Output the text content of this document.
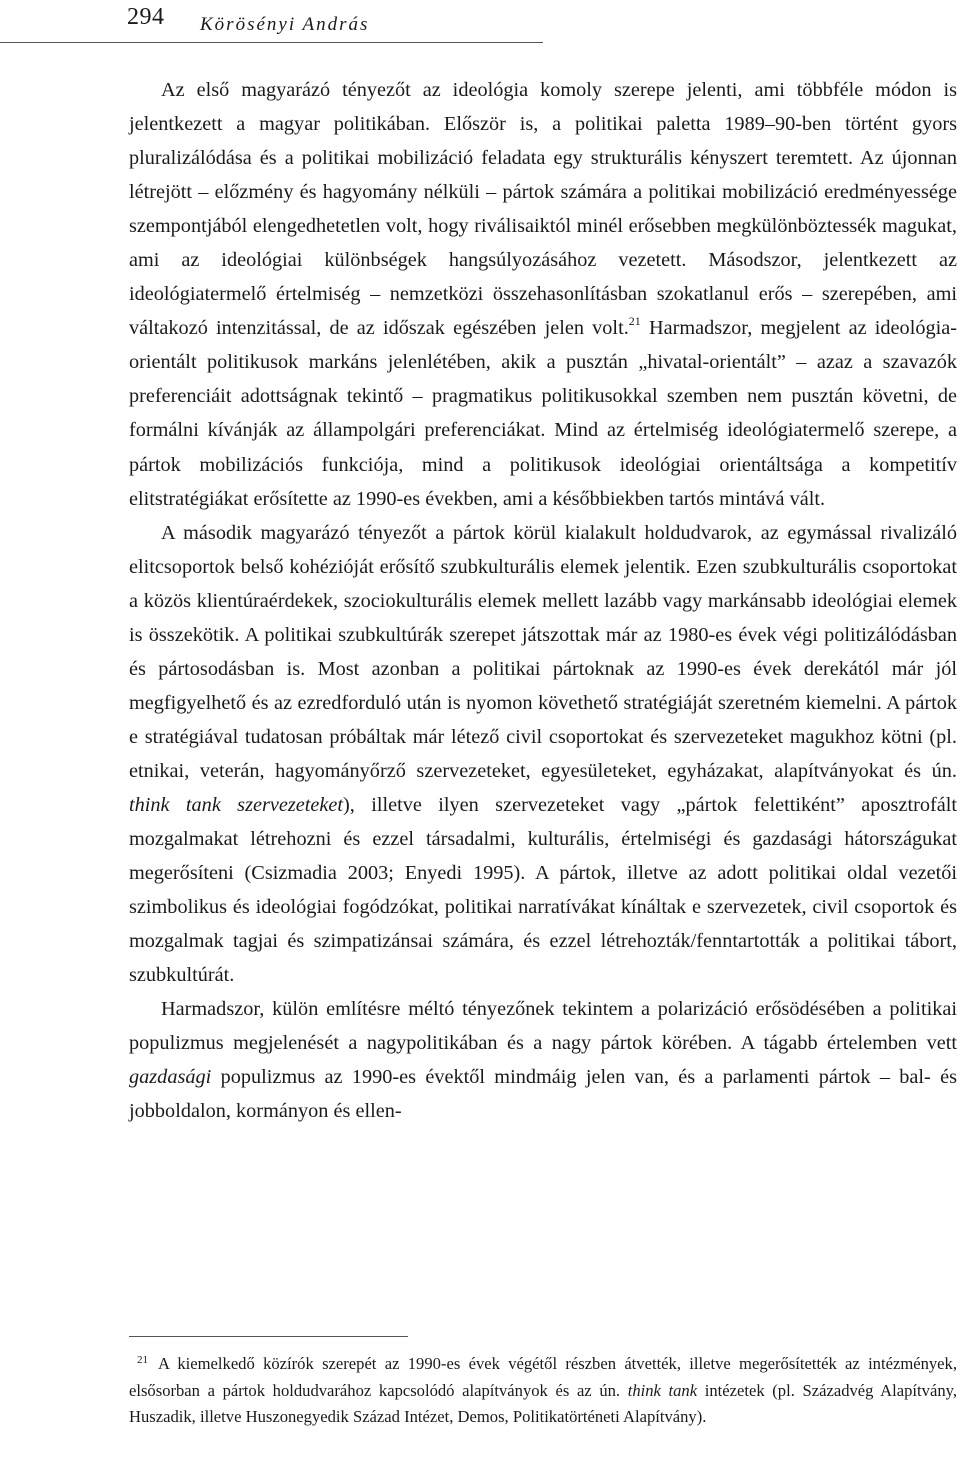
294 Körösényi András

Az első magyarázó tényezőt az ideológia komoly szerepe jelenti, ami többféle módon is jelentkezett a magyar politikában. Először is, a politikai paletta 1989–90-ben történt gyors pluralizálódása és a politikai mobilizáció feladata egy strukturális kényszert teremtett. Az újonnan létrejött – előzmény és hagyomány nélküli – pártok számára a politikai mobilizáció eredményessége szempontjából elengedhetetlen volt, hogy riválisaiktól minél erősebben megkülönböztessék magukat, ami az ideológiai különbségek hangsúlyozásához vezetett. Másodszor, jelentkezett az ideológiatermelő értelmiség – nemzetközi összehasonlításban szokatlanul erős – szerepében, ami váltakozó intenzitással, de az időszak egészében jelen volt.$^{21}$ Harmadszor, megjelent az ideológia-orientált politikusok markáns jelenlétében, akik a pusztán „hivatal-orientált” – azaz a szavazók preferenciáit adottságnak tekintő – pragmatikus politikusokkal szemben nem pusztán követni, de formálni kívánják az állampolgári preferenciákat. Mind az értelmiség ideológiatermelő szerepe, a pártok mobilizációs funkciója, mind a politikusok ideológiai orientáltsága a kompetitív elitstratégiákat erősítette az 1990-es években, ami a későbbiekben tartós mintává vált.

A második magyarázó tényezőt a pártok körül kialakult holdudvarok, az egymással rivalizáló elitcsoportok belső kohézióját erősítő szubkulturális elemek jelentik. Ezen szubkulturális csoportokat a közös klientúraérdekek, szociokulturális elemek mellett lazább vagy markánsabb ideológiai elemek is összekötik. A politikai szubkultúrák szerepet játszottak már az 1980-es évek végi politizálódásban és pártosodásban is. Most azonban a politikai pártoknak az 1990-es évek derekától már jól megfigyelhető és az ezredforduló után is nyomon követhető stratégiáját szeretném kiemelni. A pártok e stratégiával tudatosan próbáltak már létező civil csoportokat és szervezeteket magukhoz kötni (pl. etnikai, veterán, hagyományőrző szervezeteket, egyesületeket, egyházakat, alapítványokat és ún. think tank szervezeteket), illetve ilyen szervezeteket vagy „pártok felettiként” aposztrofált mozgalmakat létrehozni és ezzel társadalmi, kulturális, értelmiségi és gazdasági hátországukat megerősíteni (Csizmadia 2003; Enyedi 1995). A pártok, illetve az adott politikai oldal vezetői szimbolikus és ideológiai fogódzókat, politikai narratívákat kínáltak e szervezetek, civil csoportok és mozgalmak tagjai és szimpatizánsai számára, és ezzel létrehozták/fenntartották a politikai tábort, szubkultúrát.

Harmadszor, külön említésre méltó tényezőnek tekintem a polarizáció erősödésében a politikai populizmus megjelenését a nagypolitikában és a nagy pártok körében. A tágabb értelemben vett gazdasági populizmus az 1990-es évektől mindmáig jelen van, és a parlamenti pártok – bal- és jobboldalon, kormányon és ellen-

$^{21}$ A kiemelkedő közírók szerepét az 1990-es évek végétől részben átvették, illetve megerősítették az intézmények, elsősorban a pártok holdudvarához kapcsolódó alapítványok és az ún. think tank intézetek (pl. Századvég Alapítvány, Huszadik, illetve Huszonegyedik Század Intézet, Demos, Politikatörténeti Alapítvány).
